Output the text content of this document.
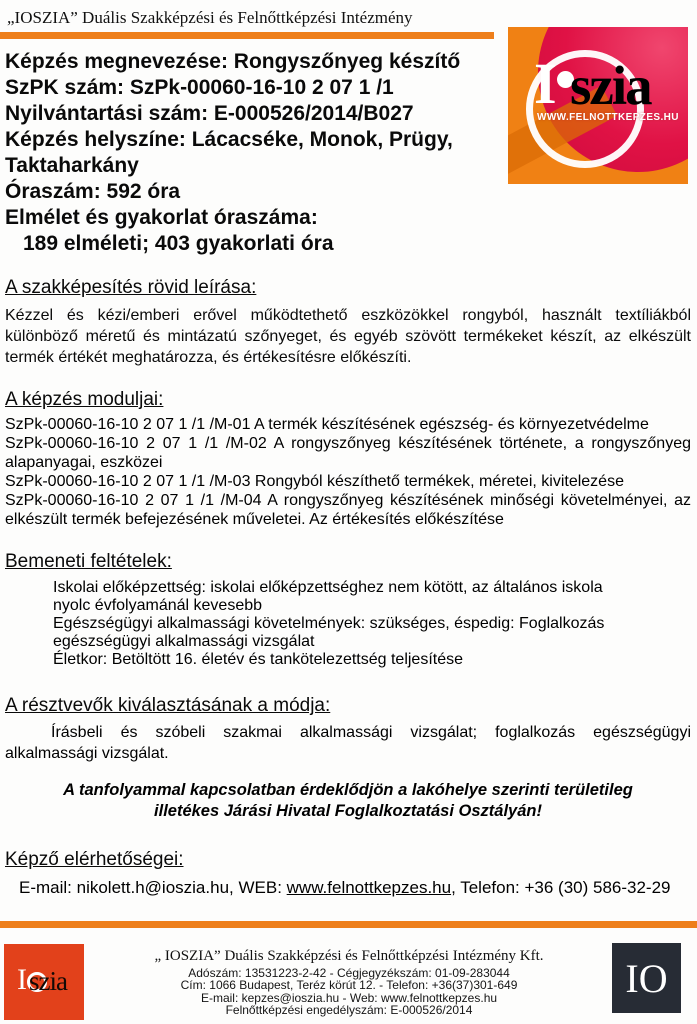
„IOSZIA” Duális Szakképzési és Felnőttképzési Intézmény
I szia
WWW.FELNOTTKEPZES.HU
Képzés megnevezése: Rongyszőnyeg készítő
SzPK szám: SzPk-00060-16-10 2 07 1 /1
Nyilvántartási szám: E-000526/2014/B027
Képzés helyszíne: Lácacséke, Monok, Prügy, Taktaharkány
Óraszám: 592 óra
Elmélet és gyakorlat óraszáma:
189 elméleti; 403 gyakorlati óra
A szakképesítés rövid leírása:

Kézzel és kézi/emberi erővel működtethető eszközökkel rongyból, használt textíliákból különböző méretű és mintázatú szőnyeget, és egyéb szövött termékeket készít, az elkészült termék értékét meghatározza, és értékesítésre előkészíti.

A képzés moduljai:
SzPk-00060-16-10 2 07 1 /1 /M-01 A termék készítésének egészség- és környezetvédelme
SzPk-00060-16-10 2 07 1 /1 /M-02 A rongyszőnyeg készítésének története, a rongyszőnyeg alapanyagai, eszközei
SzPk-00060-16-10 2 07 1 /1 /M-03 Rongyból készíthető termékek, méretei, kivitelezése
SzPk-00060-16-10 2 07 1 /1 /M-04 A rongyszőnyeg készítésének minőségi követelményei, az elkészült termék befejezésének műveletei. Az értékesítés előkészítése
Bemeneti feltételek:
Iskolai előképzettség: iskolai előképzettséghez nem kötött, az általános iskola nyolc évfolyamánál kevesebb
Egészségügyi alkalmassági követelmények: szükséges, éspedig: Foglalkozás egészségügyi alkalmassági vizsgálat
Életkor: Betöltött 16. életév és tankötelezettség teljesítése
A résztvevők kiválasztásának a módja:

Írásbeli és szóbeli szakmai alkalmassági vizsgálat; foglalkozás egészségügyi alkalmassági vizsgálat.

A tanfolyammal kapcsolatban érdeklődjön a lakóhelye szerinti területileg illetékes Járási Hivatal Foglalkoztatási Osztályán!

Képző elérhetőségei:
E-mail: nikolett.h@ioszia.hu, WEB: www.felnottkepzes.hu, Telefon: +36 (30) 586-32-29
I szia
„ IOSZIA” Duális Szakképzési és Felnőttképzési Intézmény Kft.
Adószám: 13531223-2-42 - Cégjegyzékszám: 01-09-283044
Cím: 1066 Budapest, Teréz körút 12. - Telefon: +36(37)301-649
E-mail: kepzes@ioszia.hu - Web: www.felnottkepzes.hu
Felnőttképzési engedélyszám: E-000526/2014
IO
